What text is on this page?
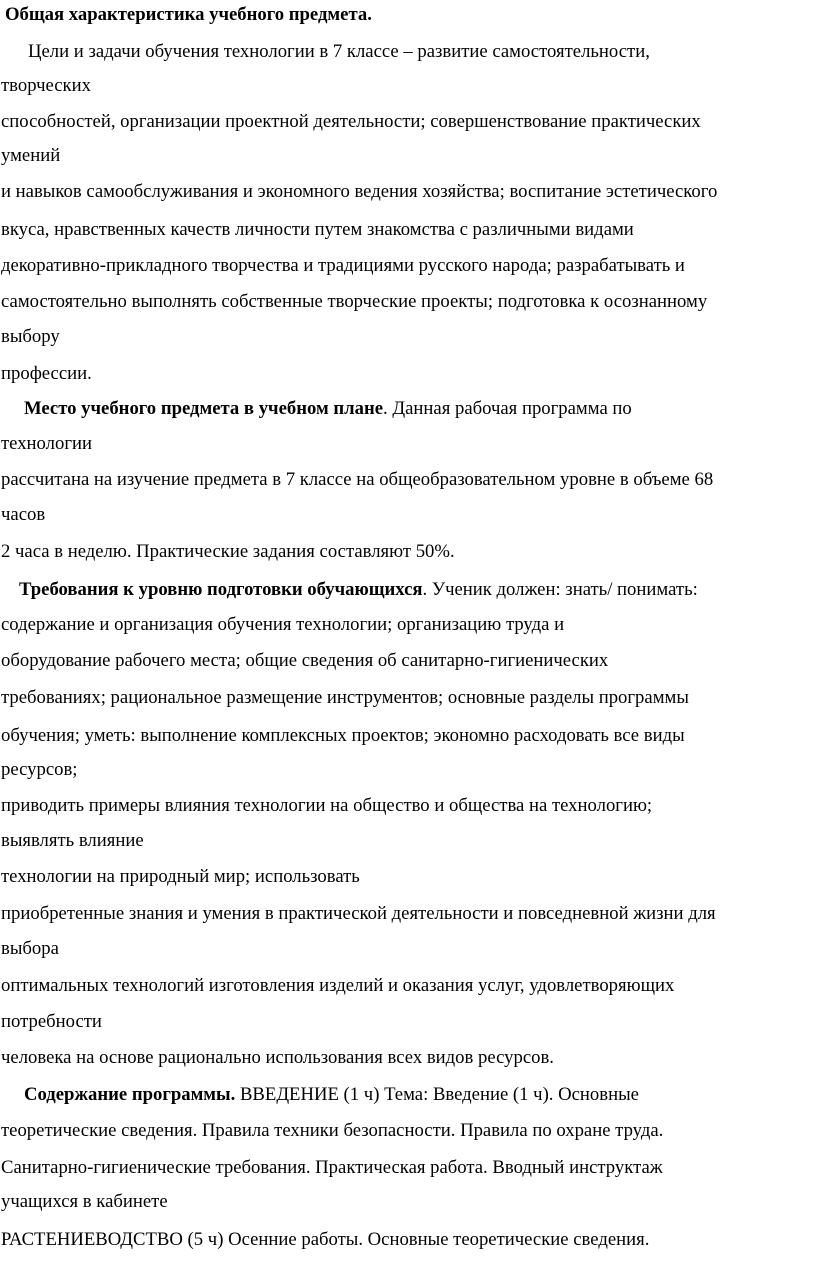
Общая характеристика учебного предмета.

Цели и задачи обучения технологии в 7 классе – развитие самостоятельности,

творческих

способностей, организации проектной деятельности; совершенствование практических

умений

и навыков самообслуживания и экономного ведения хозяйства; воспитание эстетического

вкуса, нравственных качеств личности путем знакомства с различными видами

декоративно-прикладного творчества и традициями русского народа; разрабатывать и

самостоятельно выполнять собственные творческие проекты; подготовка к осознанному

выбору

профессии.

Место учебного предмета в учебном плане. Данная рабочая программа по

технологии

рассчитана на изучение предмета в 7 классе на общеобразовательном уровне в объеме 68

часов

2 часа в неделю. Практические задания составляют 50%.

Требования к уровню подготовки обучающихся. Ученик должен: знать/ понимать:

содержание и организация обучения технологии; организацию труда и

оборудование рабочего места; общие сведения об санитарно-гигиенических

требованиях; рациональное размещение инструментов; основные разделы программы

обучения; уметь: выполнение комплексных проектов; экономно расходовать все виды

ресурсов;

приводить примеры влияния технологии на общество и общества на технологию;

выявлять влияние

технологии на природный мир; использовать

приобретенные знания и умения в практической деятельности и повседневной жизни для

выбора

оптимальных технологий изготовления изделий и оказания услуг, удовлетворяющих

потребности

человека на основе рационально использования всех видов ресурсов.

Содержание программы. ВВЕДЕНИЕ (1 ч) Тема: Введение (1 ч). Основные

теоретические сведения. Правила техники безопасности. Правила по охране труда.

Санитарно-гигиенические требования. Практическая работа. Вводный инструктаж

учащихся в кабинете

РАСТЕНИЕВОДСТВО (5 ч) Осенние работы. Основные теоретические сведения.
